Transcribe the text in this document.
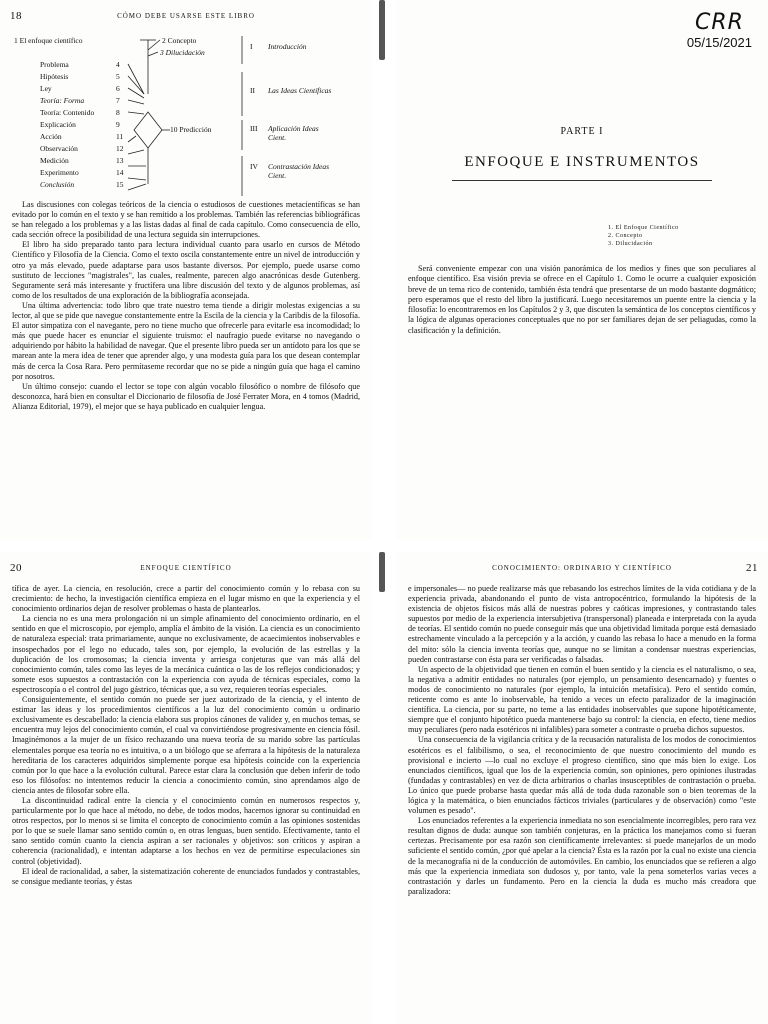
18	CÓMO DEBE USARSE ESTE LIBRO
1 El enfoque científico	2 Concepto
3 Dilucidación
10 Predicción
Problema	4
Hipótesis	5
Ley	6
Teoría: Forma	7
Teoría: Contenido	8
Explicación	9
Acción	11
Observación	12
Medición	13
Experimento	14
Conclusión	15
I Introducción
II Las Ideas Científicas
III Aplicación Ideas Cient.
IV Contrastación Ideas Cient.

Las discusiones con colegas teóricos de la ciencia o estudiosos de cuestiones metacientíficas se han evitado por lo común en el texto y se han remitido a los problemas. También las referencias bibliográficas se han relegado a los problemas y a las listas dadas al final de cada capítulo. Como consecuencia de ello, cada sección ofrece la posibilidad de una lectura seguida sin interrupciones.

El libro ha sido preparado tanto para lectura individual cuanto para usarlo en cursos de Método Científico y Filosofía de la Ciencia. Como el texto oscila constantemente entre un nivel de introducción y otro ya más elevado, puede adaptarse para usos bastante diversos. Por ejemplo, puede usarse como sustituto de lecciones "magistrales", las cuales, realmente, parecen algo anacrónicas desde Gutenberg. Seguramente será más interesante y fructífera una libre discusión del texto y de algunos problemas, así como de los resultados de una exploración de la bibliografía aconsejada.

Una última advertencia: todo libro que trate nuestro tema tiende a dirigir molestas exigencias a su lector, al que se pide que navegue constantemente entre la Escila de la ciencia y la Caribdis de la filosofía. El autor simpatiza con el navegante, pero no tiene mucho que ofrecerle para evitarle esa incomodidad; lo más que puede hacer es enunciar el siguiente truismo: el naufragio puede evitarse no navegando o adquiriendo por hábito la habilidad de navegar. Que el presente libro pueda ser un antídoto para los que se marean ante la mera idea de tener que aprender algo, y una modesta guía para los que desean contemplar más de cerca la Cosa Rara. Pero permítaseme recordar que no se pide a ningún guía que haga el camino por nosotros.

Un último consejo: cuando el lector se tope con algún vocablo filosófico o nombre de filósofo que desconozca, hará bien en consultar el Diccionario de filosofía de José Ferrater Mora, en 4 tomos (Madrid, Alianza Editorial, 1979), el mejor que se haya publicado en cualquier lengua.

CRR
05/15/2021
PARTE I
ENFOQUE E INSTRUMENTOS
1. El Enfoque Científico
2. Concepto
3. Dilucidación

Será conveniente empezar con una visión panorámica de los medios y fines que son peculiares al enfoque científico. Esa visión previa se ofrece en el Capítulo 1. Como le ocurre a cualquier exposición breve de un tema rico de contenido, también ésta tendrá que presentarse de un modo bastante dogmático; pero esperamos que el resto del libro la justificará. Luego necesitaremos un puente entre la ciencia y la filosofía: lo encontraremos en los Capítulos 2 y 3, que discuten la semántica de los conceptos científicos y la lógica de algunas operaciones conceptuales que no por ser familiares dejan de ser peliagudas, como la clasificación y la definición.

20	ENFOQUE CIENTÍFICO

tífica de ayer. La ciencia, en resolución, crece a partir del conocimiento común y lo rebasa con su crecimiento: de hecho, la investigación científica empieza en el lugar mismo en que la experiencia y el conocimiento ordinarios dejan de resolver problemas o hasta de plantearlos.

La ciencia no es una mera prolongación ni un simple afinamiento del conocimiento ordinario, en el sentido en que el microscopio, por ejemplo, amplía el ámbito de la visión. La ciencia es un conocimiento de naturaleza especial: trata primariamente, aunque no exclusivamente, de acaecimientos inobservables e insospechados por el lego no educado, tales son, por ejemplo, la evolución de las estrellas y la duplicación de los cromosomas; la ciencia inventa y arriesga conjeturas que van más allá del conocimiento común, tales como las leyes de la mecánica cuántica o las de los reflejos condicionados; y somete esos supuestos a contrastación con la experiencia con ayuda de técnicas especiales, como la espectroscopía o el control del jugo gástrico, técnicas que, a su vez, requieren teorías especiales.

Consiguientemente, el sentido común no puede ser juez autorizado de la ciencia, y el intento de estimar las ideas y los procedimientos científicos a la luz del conocimiento común u ordinario exclusivamente es descabellado: la ciencia elabora sus propios cánones de validez y, en muchos temas, se encuentra muy lejos del conocimiento común, el cual va convirtiéndose progresivamente en ciencia fósil. Imaginémonos a la mujer de un físico rechazando una nueva teoría de su marido sobre las partículas elementales porque esa teoría no es intuitiva, o a un biólogo que se aferrara a la hipótesis de la naturaleza hereditaria de los caracteres adquiridos simplemente porque esa hipótesis coincide con la experiencia común por lo que hace a la evolución cultural. Parece estar clara la conclusión que deben inferir de todo eso los filósofos: no intentemos reducir la ciencia a conocimiento común, sino aprendamos algo de ciencia antes de filosofar sobre ella.

La discontinuidad radical entre la ciencia y el conocimiento común en numerosos respectos y, particularmente por lo que hace al método, no debe, de todos modos, hacernos ignorar su continuidad en otros respectos, por lo menos si se limita el concepto de conocimiento común a las opiniones sostenidas por lo que se suele llamar sano sentido común o, en otras lenguas, buen sentido. Efectivamente, tanto el sano sentido común cuanto la ciencia aspiran a ser racionales y objetivos: son críticos y aspiran a coherencia (racionalidad), e intentan adaptarse a los hechos en vez de permitirse especulaciones sin control (objetividad).

El ideal de racionalidad, a saber, la sistematización coherente de enunciados fundados y contrastables, se consigue mediante teorías, y éstas

21
CONOCIMIENTO: ORDINARIO Y CIENTÍFICO

e impersonales— no puede realizarse más que rebasando los estrechos límites de la vida cotidiana y de la experiencia privada, abandonando el punto de vista antropocéntrico, formulando la hipótesis de la existencia de objetos físicos más allá de nuestras pobres y caóticas impresiones, y contrastando tales supuestos por medio de la experiencia intersubjetiva (transpersonal) planeada e interpretada con la ayuda de teorías. El sentido común no puede conseguir más que una objetividad limitada porque está demasiado estrechamente vinculado a la percepción y a la acción, y cuando las rebasa lo hace a menudo en la forma del mito: sólo la ciencia inventa teorías que, aunque no se limitan a condensar nuestras experiencias, pueden contrastarse con ésta para ser verificadas o falsadas.

Un aspecto de la objetividad que tienen en común el buen sentido y la ciencia es el naturalismo, o sea, la negativa a admitir entidades no naturales (por ejemplo, un pensamiento desencarnado) y fuentes o modos de conocimiento no naturales (por ejemplo, la intuición metafísica). Pero el sentido común, reticente como es ante lo inobservable, ha tenido a veces un efecto paralizador de la imaginación científica. La ciencia, por su parte, no teme a las entidades inobservables que supone hipotéticamente, siempre que el conjunto hipotético pueda mantenerse bajo su control: la ciencia, en efecto, tiene medios muy peculiares (pero nada esotéricos ni infalibles) para someter a contraste o prueba dichos supuestos.

Una consecuencia de la vigilancia crítica y de la recusación naturalista de los modos de conocimientos esotéricos es el falibilismo, o sea, el reconocimiento de que nuestro conocimiento del mundo es provisional e incierto —lo cual no excluye el progreso científico, sino que más bien lo exige. Los enunciados científicos, igual que los de la experiencia común, son opiniones, pero opiniones ilustradas (fundadas y contrastables) en vez de dicta arbitrarios o charlas insusceptibles de contrastación o prueba. Lo único que puede probarse hasta quedar más allá de toda duda razonable son o bien teoremas de la lógica y la matemática, o bien enunciados fácticos triviales (particulares y de observación) como "este volumen es pesado".

Los enunciados referentes a la experiencia inmediata no son esencialmente incorregibles, pero rara vez resultan dignos de duda: aunque son también conjeturas, en la práctica los manejamos como si fueran certezas. Precisamente por esa razón son científicamente irrelevantes: si puede manejarlos de un modo suficiente el sentido común, ¿por qué apelar a la ciencia? Ésta es la razón por la cual no existe una ciencia de la mecanografía ni de la conducción de automóviles. En cambio, los enunciados que se refieren a algo más que la experiencia inmediata son dudosos y, por tanto, vale la pena someterlos varias veces a contrastación y darles un fundamento. Pero en la ciencia la duda es mucho más creadora que paralizadora:
